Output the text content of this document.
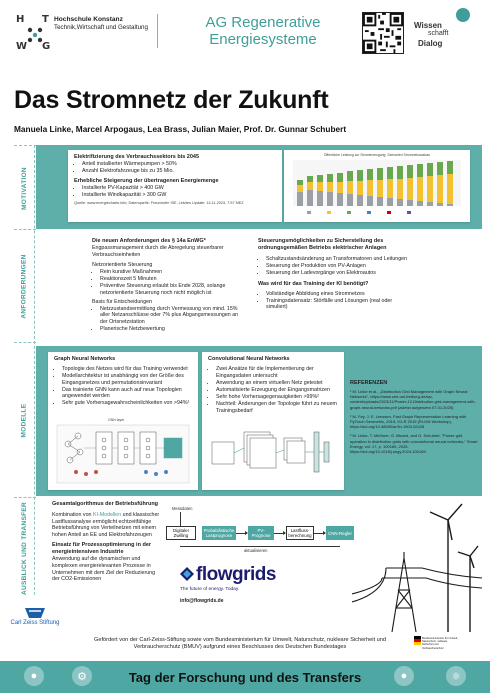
H T
W G
Hochschule Konstanz
Technik,Wirtschaft und Gestaltung	AG Regenerative
Energiesysteme
Wissen
schafft
Dialog
Das Stromnetz der Zukunft
Manuela Linke, Marcel Arpogaus, Lea Brass, Julian Maier, Prof. Dr. Gunnar Schubert
MOTIVATION
ANFORDERUNGEN
MODELLE
AUSBLICK UND TRANSFER
Elektrifizierung des Verbrauchssektors bis 2045
• Anteil installierter Wärmepumpen > 50%
• Anzahl Elektrofahrzeuge bis zu 35 Mio.
Erhebliche Steigerung der übertragenen Energiemenge
• Installierte PV-Kapazität > 400 GW
• Installierte Windkapazität > 300 GW
Quelle: www.energiecharts.info; Datenquelle: Fraunhofer ISE, Letztes Update: 14.11.2024, 7:57 MEZ
Öffentliche Leistung zur Stromerzeugung, Szenarien Stromnetzausbau
Die neuen Anforderungen des § 14a EnWG*
Engpassmanagement durch die Abregelung steuerbarer Verbrauchseinheiten
Netzorientierte Steuerung
• Rein kurative Maßnahmen
• Reaktionszeit 5 Minuten
• Präventive Steuerung erlaubt bis Ende 2028, solange netzorientierte Steuerung noch nicht möglich ist
Basis für Entscheidungen
• Netzzustandsermittlung durch Vermessung von mind. 15% aller Netzanschlüsse oder 7% plus Abgangsmessungen an der Ortsnetzstation
• Planerische Netzbewertung
Steuerungsmöglichkeiten zu Sicherstellung des ordnungsgemäßen Betriebs elektrischer Anlagen
• Schaltzustandsänderung an Transformatoren und Leitungen
• Steuerung der Produktion von PV-Anlagen
• Steuerung der Ladevorgänge von Elektroautos
Was wird für das Training der KI benötigt?
• Vollständige Abbildung eines Stromnetzes
• Trainingsdatensatz: Störfälle und Lösungen (real oder simuliert)
Graph Neural Networks
• Topologie des Netzes wird für das Training verwendet
• Modellarchitektur ist unabhängig von der Größe des Eingangsnetzes und permutationsinvariant
• Das trainierte GNN kann auch auf neue Topologien angewendet werden
• Sehr gute Vorhersagewahrscheinlichkeiten von >94%¹
GNN layer
Convolutional Neural Networks
• Zwei Ansätze für die Implementierung der Eingangsdaten untersucht
• Anwendung an einem virtuellen Netz getestet
• Automatisierte Erzeugung der Eingangsmatrizen
• Sehr hohe Vorhersagegenauigkeiten >99%²
• Nachteil: Änderungen der Topologie führt zu neuem Trainingsbedarf
REFERENZEN
¹ M. Linke et al., „Distribution Grid Management with Graph Neural Networks", https://www.zee-uni-freiburg.de/wp-content/uploads/2023/11/Poster-12-Distribution-grid-management-with-graph-neural-networks.pdf (zuletzt aufgerufen 07.01.2025)
² M. Fey, J. E. Lenssen, Fast Graph Representation Learning with PyTorch Geometric, 2019, ICLR 2019 (RLGM Workshop), https://doi.org/10.48550/arXiv.1903.02428
³ M. Linke, T. Meßmer, G. Micard, and G. Schubert, "Power grid operation in distribution grids with convolutional neural networks," Smart Energy, vol. 17, p. 100169, 2025. https://doi.org/10.1016/j.segy.2024.100169.
Gesamtalgorithmus der Betriebsführung
Kombination von KI-Modellen und klassischer Lastflussanalyse ermöglicht echtzeitfähige Betriebsführung von Verteilnetzen mit einem hohen Anteil an EE und Elektrofahrzeugen
Einsatz für Prozessoptimierung in der energieintensiven Industrie
Anwendung auf die dynamischen und komplexen energierelevanten Prozesse in Unternehmen mit dem Ziel der Reduzierung der CO2-Emissionen
Messdaten
Digitaler Zwilling
Probabilistische Lastprognose
PV-Prognose
Lastfluss-berechnung	CNN-Regler
aktualisieren
flowgrids
The future of energy. Today.
info@flowgrids.de
Gefördert von der Carl-Zeiss-Stiftung sowie vom Bundesministerium für Umwelt, Naturschutz, nukleare Sicherheit und Verbraucherschutz (BMUV) aufgrund eines Beschlusses des Deutschen Bundestages
Carl Zeiss Stiftung
Bundesministerium für Umwelt, Naturschutz, nukleare Sicherheit und Verbraucherschutz
●	⚙	●	⚛
Tag der Forschung und des Transfers
